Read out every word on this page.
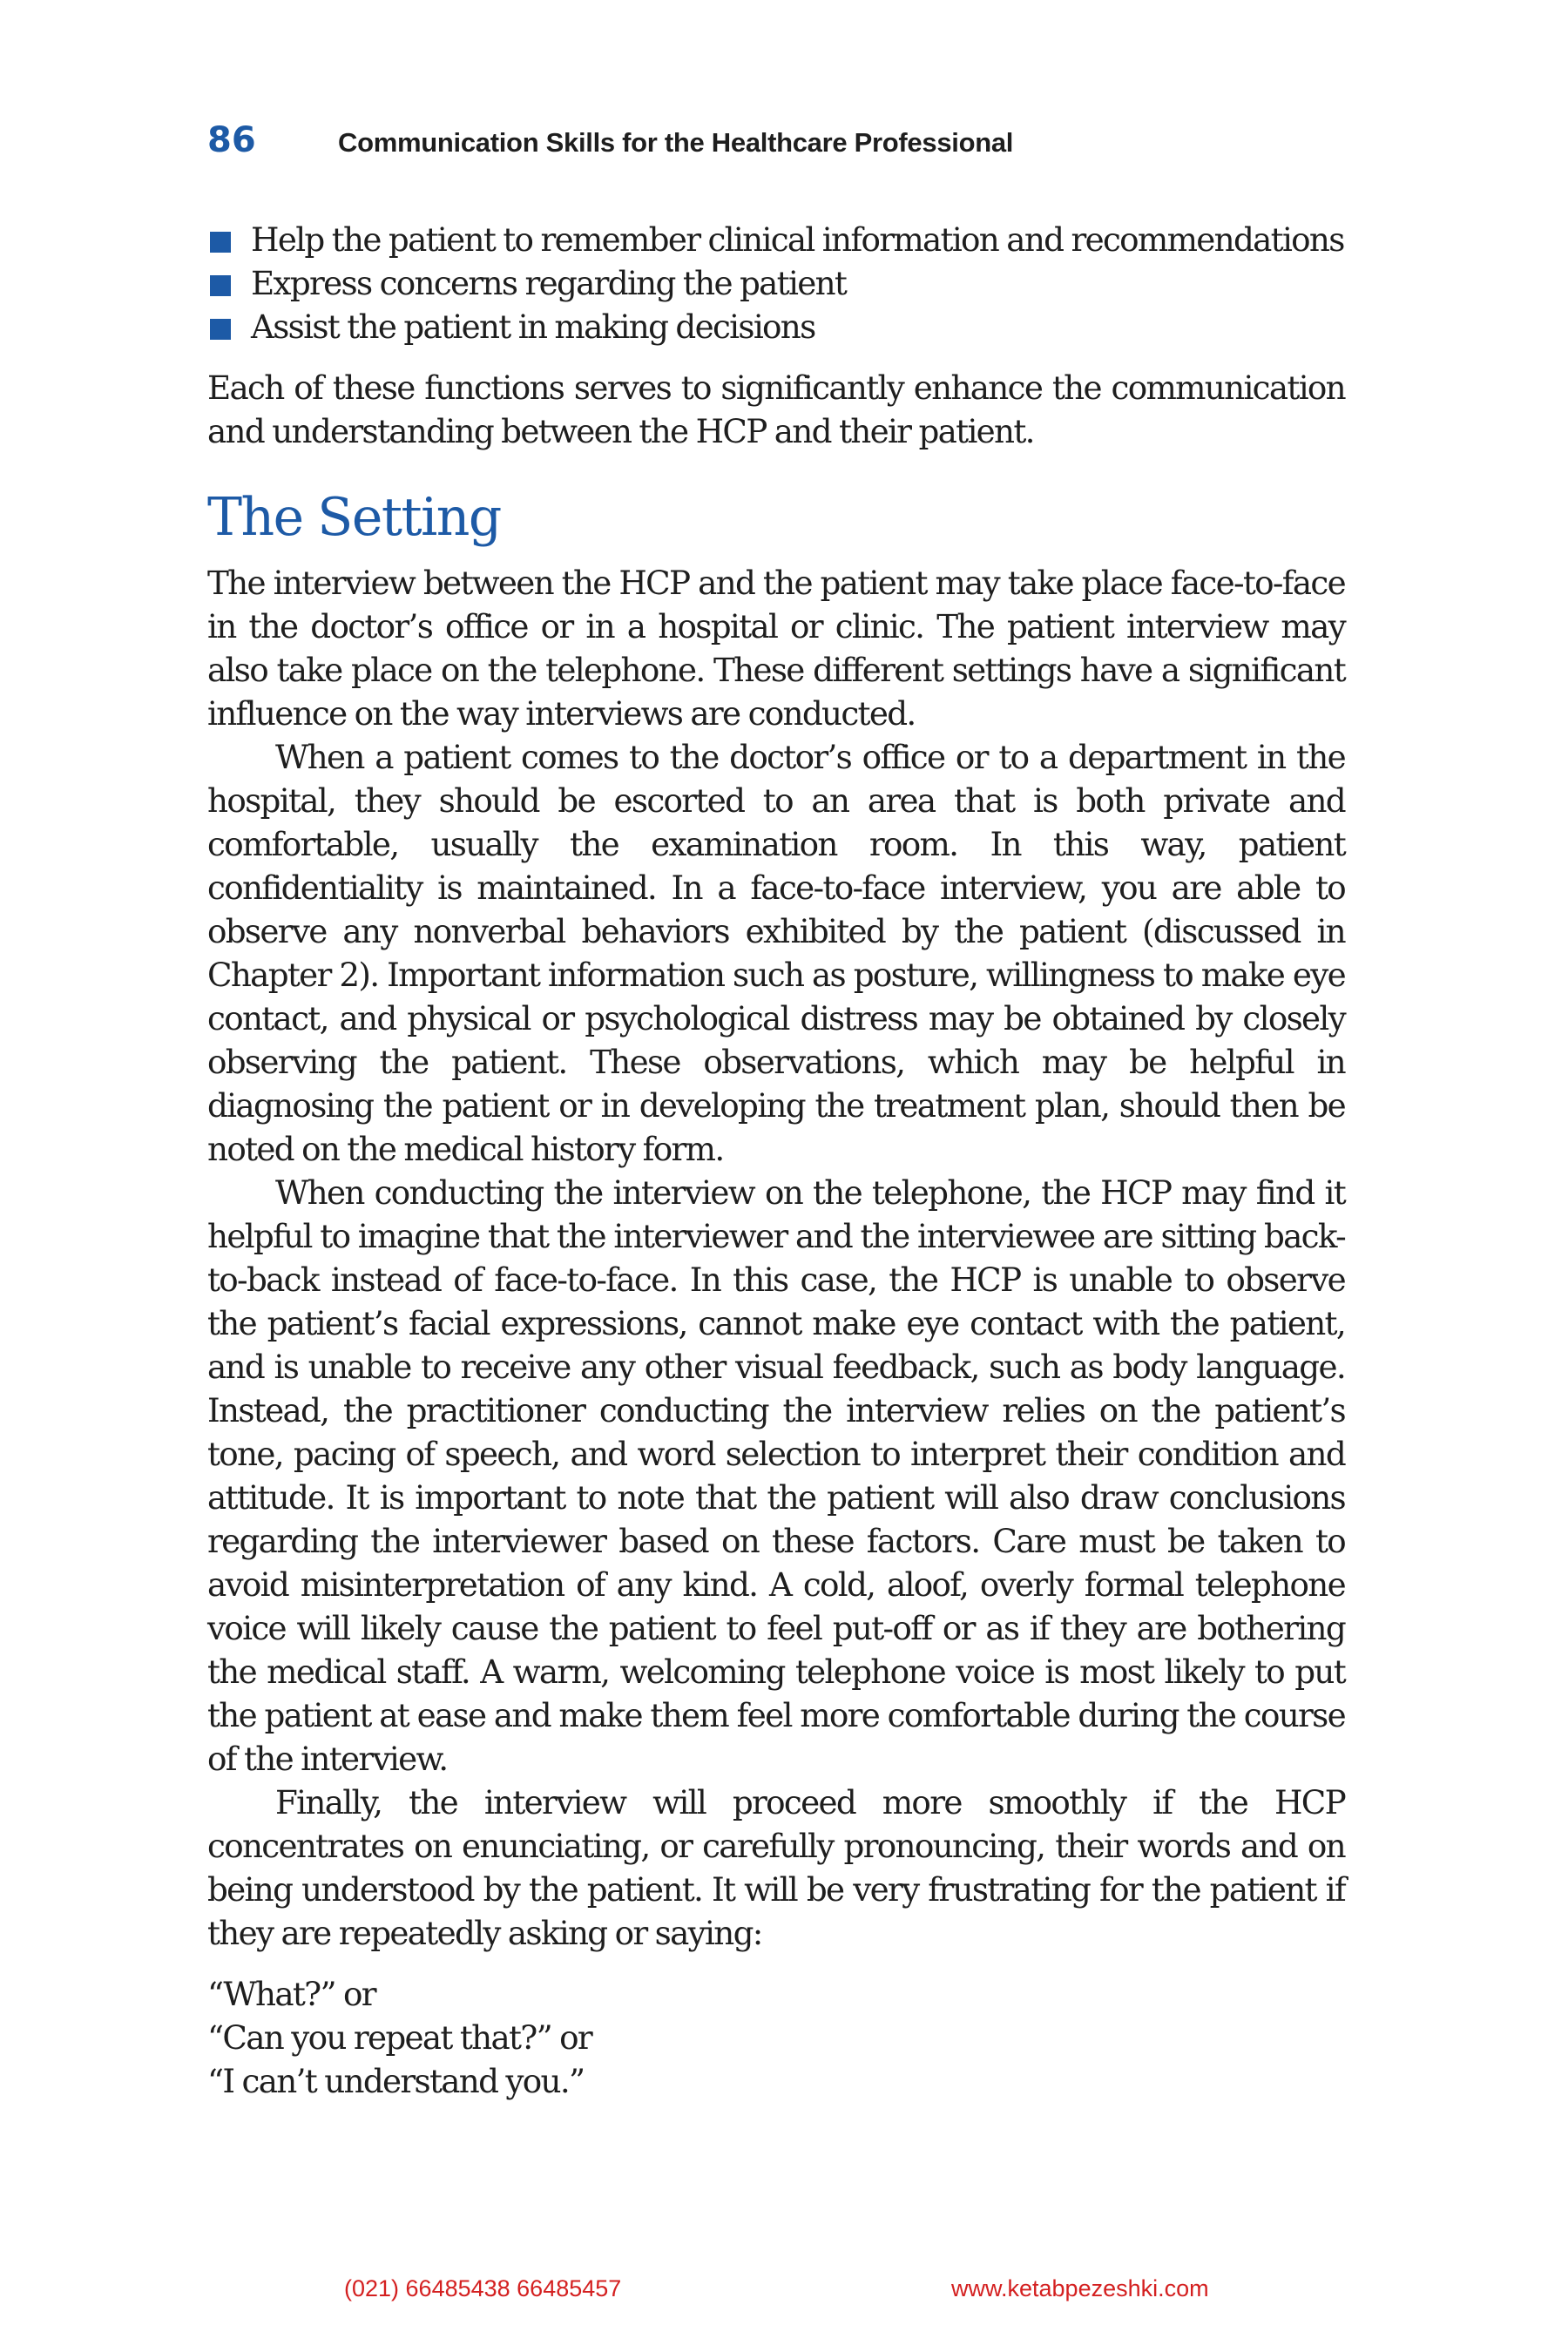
86	Communication Skills for the Healthcare Professional
Help the patient to remember clinical information and recommendations
Express concerns regarding the patient
Assist the patient in making decisions

Each of these functions serves to significantly enhance the communication and understanding between the HCP and their patient.

The Setting

The interview between the HCP and the patient may take place face-to-face in the doctor’s office or in a hospital or clinic. The patient interview may also take place on the telephone. These different settings have a significant influence on the way interviews are conducted.

When a patient comes to the doctor’s office or to a department in the hospital, they should be escorted to an area that is both private and comfortable, usually the examination room. In this way, patient confidentiality is maintained. In a face-to-face interview, you are able to observe any nonverbal behaviors exhibited by the patient (discussed in Chapter 2). Important information such as posture, willingness to make eye contact, and physical or psychological distress may be obtained by closely observing the patient. These observations, which may be helpful in diagnosing the patient or in developing the treatment plan, should then be noted on the medical history form.

When conducting the interview on the telephone, the HCP may find it helpful to imagine that the interviewer and the interviewee are sitting back-to-back instead of face-to-face. In this case, the HCP is unable to observe the patient’s facial expressions, cannot make eye contact with the patient, and is unable to receive any other visual feedback, such as body language. Instead, the practitioner conducting the interview relies on the patient’s tone, pacing of speech, and word selection to interpret their condition and attitude. It is important to note that the patient will also draw conclusions regarding the interviewer based on these factors. Care must be taken to avoid misinterpretation of any kind. A cold, aloof, overly formal telephone voice will likely cause the patient to feel put-off or as if they are bothering the medical staff. A warm, welcoming telephone voice is most likely to put the patient at ease and make them feel more comfortable during the course of the interview.

Finally, the interview will proceed more smoothly if the HCP concentrates on enunciating, or carefully pronouncing, their words and on being understood by the patient. It will be very frustrating for the patient if they are repeatedly asking or saying:

“What?” or
“Can you repeat that?” or
“I can’t understand you.”
(021) 66485438 66485457	www.ketabpezeshki.com
